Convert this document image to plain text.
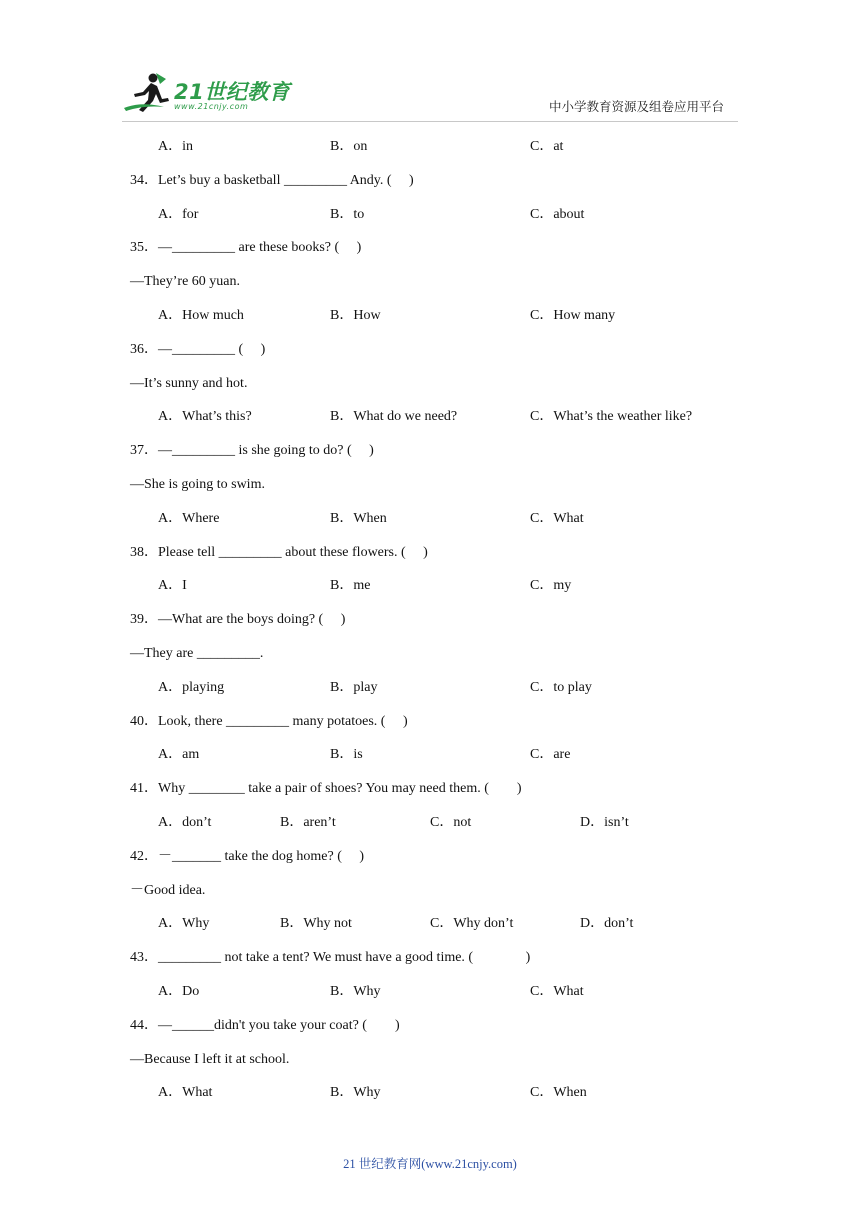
21世纪教育
www.21cnjy.com	中小学教育资源及组卷应用平台
A．in	B．on	C．at
34．Let’s buy a basketball _________ Andy. (     )
A．for	B．to	C．about
35．—_________ are these books? (     )
—They’re 60 yuan.
A．How much	B．How	C．How many
36．—_________ (     )
—It’s sunny and hot.
A．What’s this?	B．What do we need?	C．What’s the weather like?
37．—_________ is she going to do? (     )
—She is going to swim.
A．Where	B．When	C．What
38．Please tell _________ about these flowers. (     )
A．I	B．me	C．my
39．—What are the boys doing? (     )
—They are _________.
A．playing	B．play	C．to play
40．Look, there _________ many potatoes. (     )
A．am	B．is	C．are
41．Why ________ take a pair of shoes? You may need them. (        )
A．don’t	B．aren’t	C．not	D．isn’t
42．－_______ take the dog home? (     )
－Good idea.
A．Why	B．Why not	C．Why don’t	D．don’t
43．_________ not take a tent? We must have a good time. (               )
A．Do	B．Why	C．What
44．—______didn't you take your coat? (        )
—Because I left it at school.
A．What	B．Why	C．When
21 世纪教育网(www.21cnjy.com)
